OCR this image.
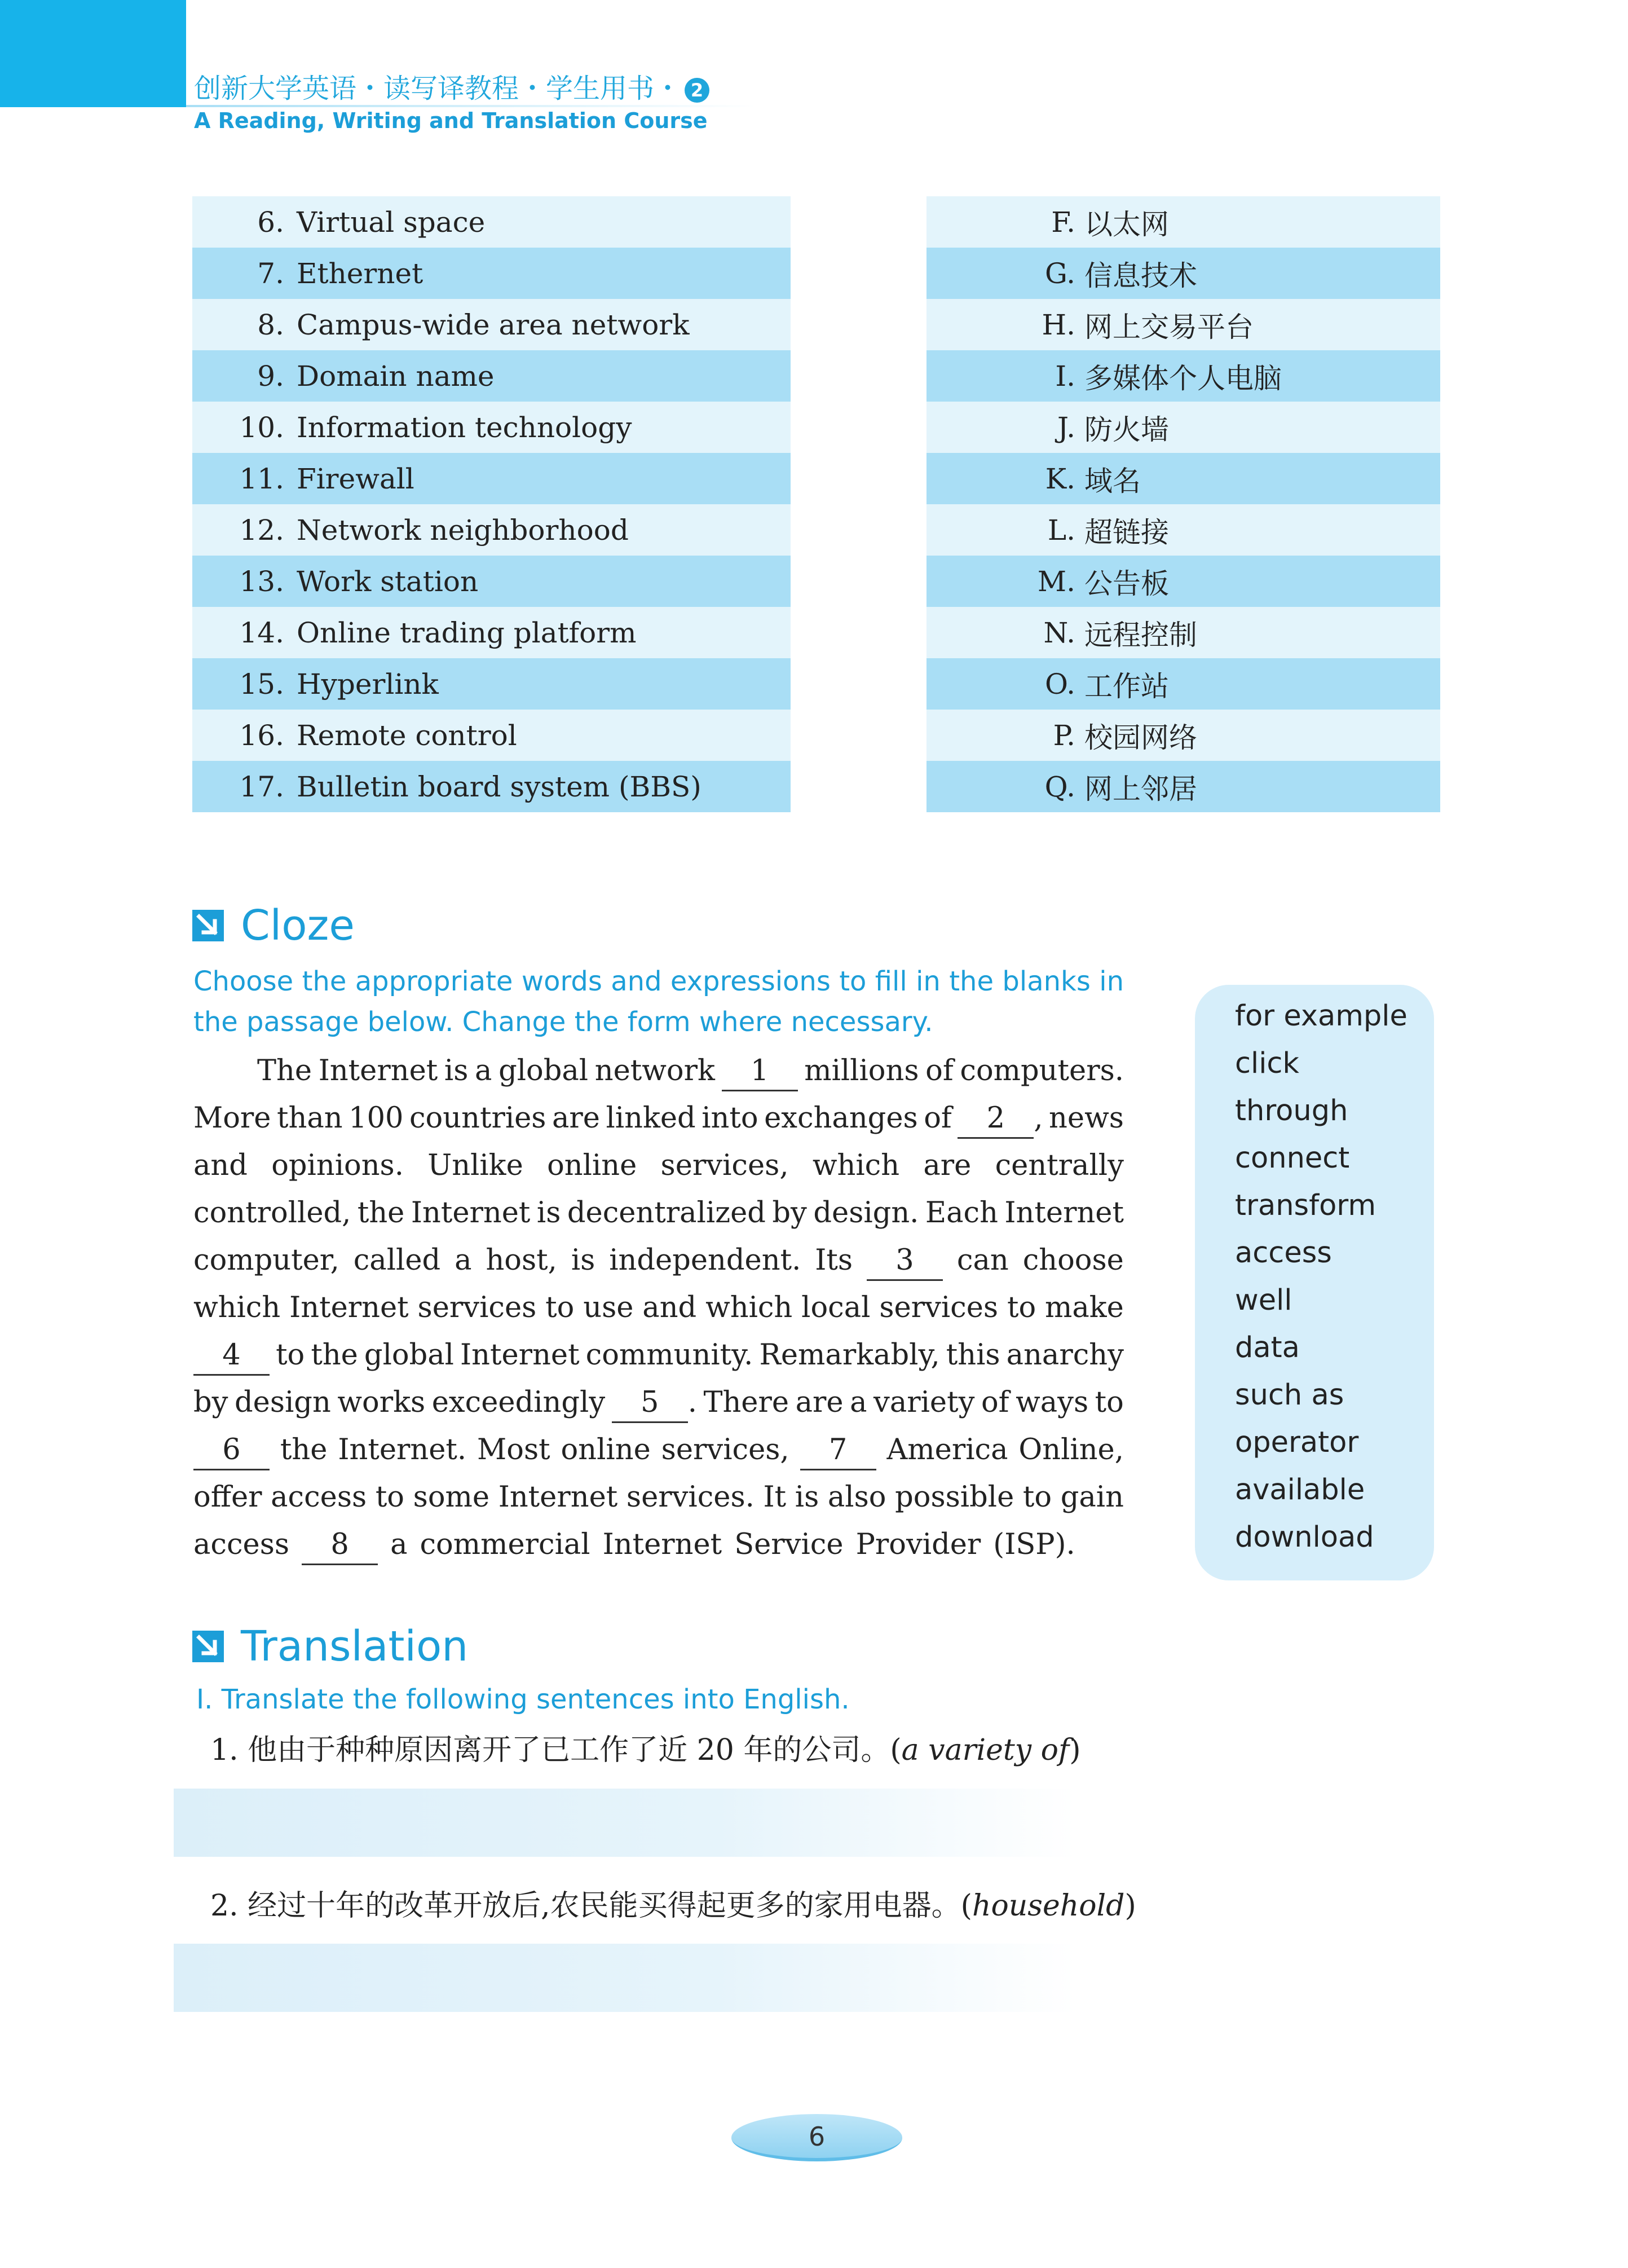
创新大学英语・读写译教程・学生用书・ 2
A Reading, Writing and Translation Course
6. Virtual space
7. Ethernet
8. Campus-wide area network
9. Domain name
10. Information technology
11. Firewall
12. Network neighborhood
13. Work station
14. Online trading platform
15. Hyperlink
16. Remote control
17. Bulletin board system (BBS)
F. 以太网
G. 信息技术
H. 网上交易平台
I. 多媒体个人电脑
J. 防火墙
K. 域名
L. 超链接
M. 公告板
N. 远程控制
O. 工作站
P. 校园网络
Q. 网上邻居
Cloze
Choose the appropriate words and expressions to fill in the blanks in the passage below. Change the form where necessary.
The Internet is a global network	1	millions of computers.
More than 100 countries are linked into exchanges of	2 , news
and opinions. Unlike online services, which are centrally
controlled, the Internet is decentralized by design. Each Internet
computer, called a host, is independent. Its	3	can choose
which Internet services to use and which local services to make
4	to the global Internet community. Remarkably, this anarchy
by design works exceedingly	5 . There are a variety of ways to
6	the Internet. Most online services,	7	America Online,
offer access to some Internet services. It is also possible to gain
access	8	a commercial Internet Service Provider (ISP).
for example
click
through
connect
transform
access
well
data
such as
operator
available
download
Translation
Ⅰ. Translate the following sentences into English.
1. 他由于种种原因离开了已工作了近 20 年的公司。(a variety of)
2. 经过十年的改革开放后,农民能买得起更多的家用电器。(household)
6
